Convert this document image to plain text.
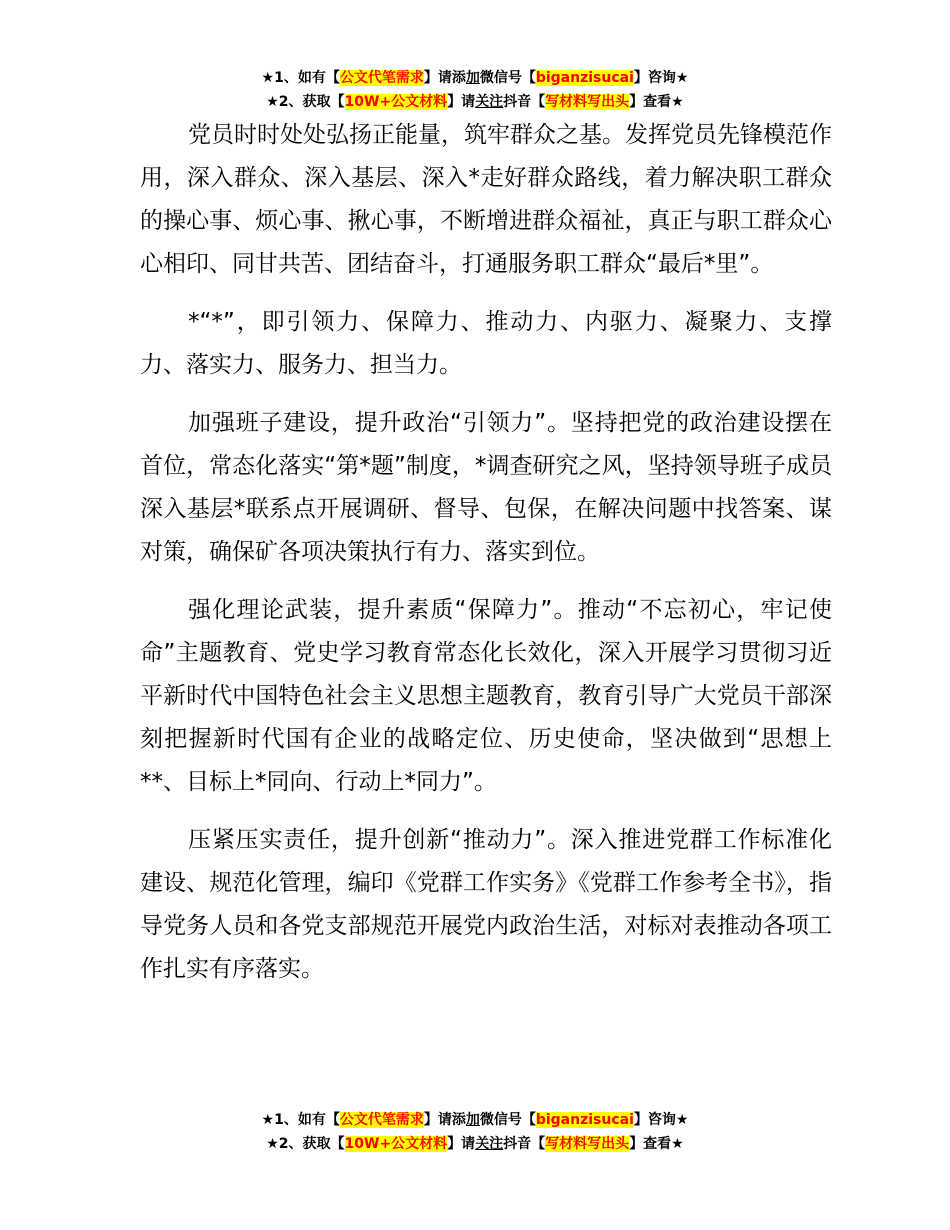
★1、如有【公文代笔需求】请添加微信号【biganzisucai】咨询★
★2、获取【10W+公文材料】请关注抖音【写材料写出头】查看★

党员时时处处弘扬正能量，筑牢群众之基。发挥党员先锋模范作用，深入群众、深入基层、深入*走好群众路线，着力解决职工群众的操心事、烦心事、揪心事，不断增进群众福祉，真正与职工群众心心相印、同甘共苦、团结奋斗，打通服务职工群众“最后*里”。

*“*”，即引领力、保障力、推动力、内驱力、凝聚力、支撑力、落实力、服务力、担当力。

加强班子建设，提升政治“引领力”。坚持把党的政治建设摆在首位，常态化落实“第*题”制度，*调查研究之风，坚持领导班子成员深入基层*联系点开展调研、督导、包保，在解决问题中找答案、谋对策，确保矿各项决策执行有力、落实到位。

强化理论武装，提升素质“保障力”。推动“不忘初心，牢记使命”主题教育、党史学习教育常态化长效化，深入开展学习贯彻习近平新时代中国特色社会主义思想主题教育，教育引导广大党员干部深刻把握新时代国有企业的战略定位、历史使命，坚决做到“思想上**、目标上*同向、行动上*同力”。

压紧压实责任，提升创新“推动力”。深入推进党群工作标准化建设、规范化管理，编印《党群工作实务》《党群工作参考全书》，指导党务人员和各党支部规范开展党内政治生活，对标对表推动各项工作扎实有序落实。

★1、如有【公文代笔需求】请添加微信号【biganzisucai】咨询★
★2、获取【10W+公文材料】请关注抖音【写材料写出头】查看★
